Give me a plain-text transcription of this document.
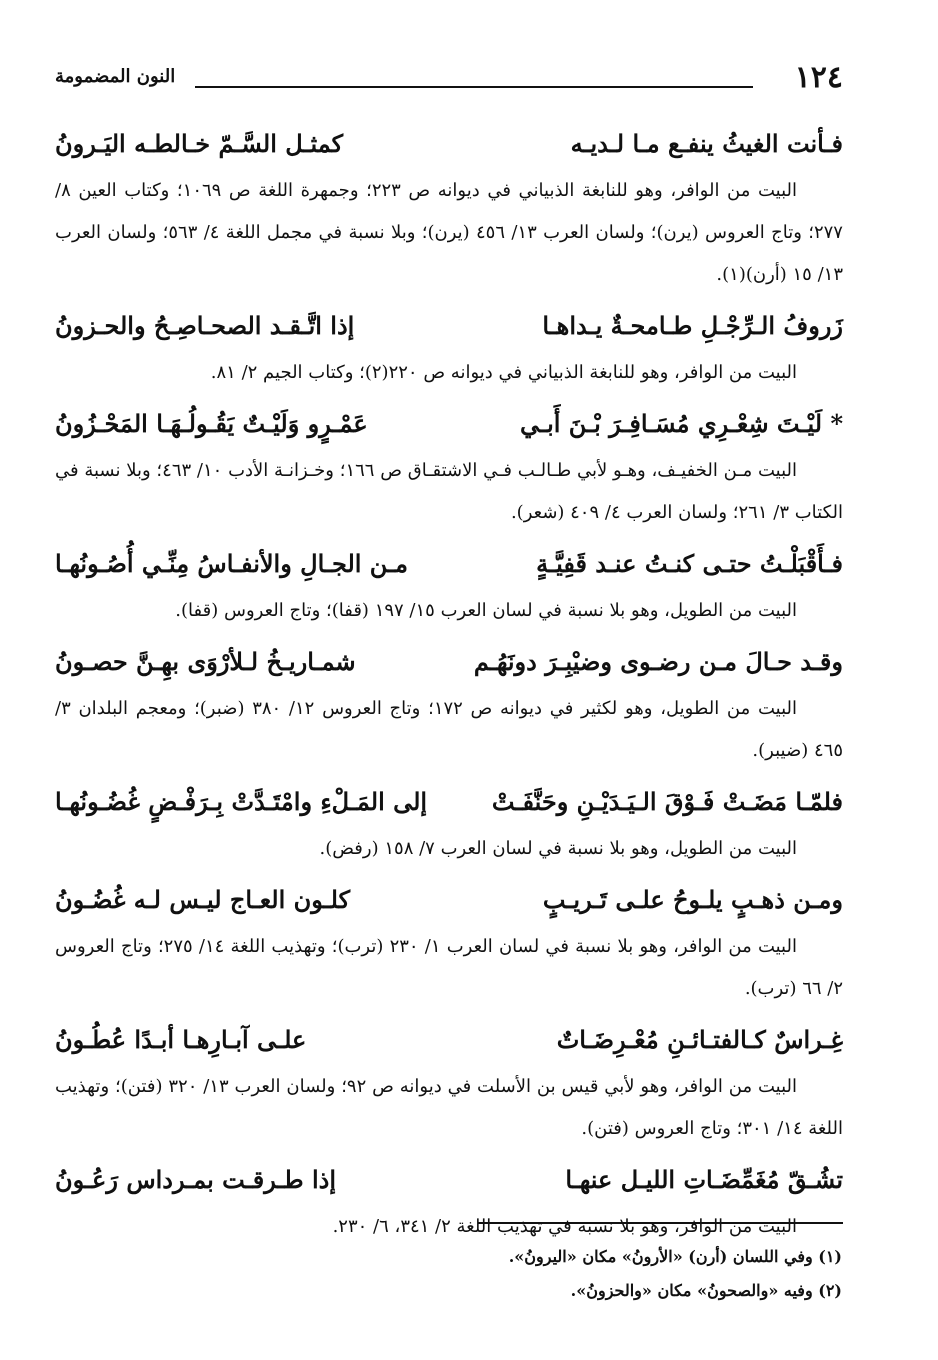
١٢٤
النون المضمومة
فـأنت الغيثُ ينفـع مـا لـديـه
كمثـل السَّـمّ خـالطـه اليَـرونُ
البيت من الوافر، وهو للنابغة الذبياني في ديوانه ص ٢٢٣؛ وجمهرة اللغة ص ١٠٦٩؛ وكتاب العين ٨/ ٢٧٧؛ وتاج العروس (يرن)؛ ولسان العرب ١٣/ ٤٥٦ (يرن)؛ وبلا نسبة في مجمل اللغة ٤/ ٥٦٣؛ ولسان العرب ١٣/ ١٥ (أرن)(١).
زَروفُ الـرِّجْـلِ طـامحـةٌ يـداهـا
إذا اتَّـقـد الصحـاصِـحُ والحـزونُ
البيت من الوافر، وهو للنابغة الذبياني في ديوانه ص ٢٢٠(٢)؛ وكتاب الجيم ٢/ ٨١.
* لَيْـتَ شِعْـرِي مُسَـافِـرَ بْـنَ أَبـي
عَمْـرٍو وَلَيْـتٌ يَقُـولُـهَـا المَحْـزُونُ
البيت مـن الخفيـف، وهـو لأبي طـالـب فـي الاشتقـاق ص ١٦٦؛ وخـزانـة الأدب ١٠/ ٤٦٣؛ وبلا نسبة في الكتاب ٣/ ٢٦١؛ ولسان العرب ٤/ ٤٠٩ (شعر).
فـأَقْبَلْـتُ حتـى كنـتُ عنـد قَفِيَّـةٍ
مـن الجـالِ والأنفـاسُ مِنِّـي أُصُـونُهـا
البيت من الطويل، وهو بلا نسبة في لسان العرب ١٥/ ١٩٧ (قفا)؛ وتاج العروس (قفا).
وقـد حـالَ مـن رضـوى وضيْبِـرَ دونَهُـم
شمـاريـخُ لـلأرْوَى بهِـنَّ حصـونُ
البيت من الطويل، وهو لكثير في ديوانه ص ١٧٢؛ وتاج العروس ١٢/ ٣٨٠ (ضبر)؛ ومعجم البلدان ٣/ ٤٦٥ (ضيبر).
فلمّـا مَضَـتْ فَـوْقَ الـيَـدَيْـنِ وحَنَّفَـتْ
إلى المَـلْءِ وامْتَـدَّتْ بِـرَفْـضٍ غُضُـونُهـا
البيت من الطويل، وهو بلا نسبة في لسان العرب ٧/ ١٥٨ (رفض).
ومـن ذهـبٍ يلـوحُ علـى تَـريـبٍ
كلـون العـاج ليـس لـه غُضُـونُ
البيت من الوافر، وهو بلا نسبة في لسان العرب ١/ ٢٣٠ (ترب)؛ وتهذيب اللغة ١٤/ ٢٧٥؛ وتاج العروس ٢/ ٦٦ (ترب).
غِـراسٌ كـالفتـائـنِ مُعْـرِضَـاتٌ
علـى آبـارِهـا أبـدًا عُطُـونُ
البيت من الوافر، وهو لأبي قيس بن الأسلت في ديوانه ص ٩٢؛ ولسان العرب ١٣/ ٣٢٠ (فتن)؛ وتهذيب اللغة ١٤/ ٣٠١؛ وتاج العروس (فتن).
تشُـقّ مُغَمِّضَـاتِ الليـل عنهـا
إذا طـرقـت بمـرداس رَعُـونُ
البيت من الوافر، وهو بلا نسبة في تهذيب اللغة ٢/ ٣٤١، ٦/ ٢٣٠.
(١) وفي اللسان (أرن) «الأرونُ» مكان «اليرونُ».
(٢) وفيه «والصحونُ» مكان «والحزونُ».
